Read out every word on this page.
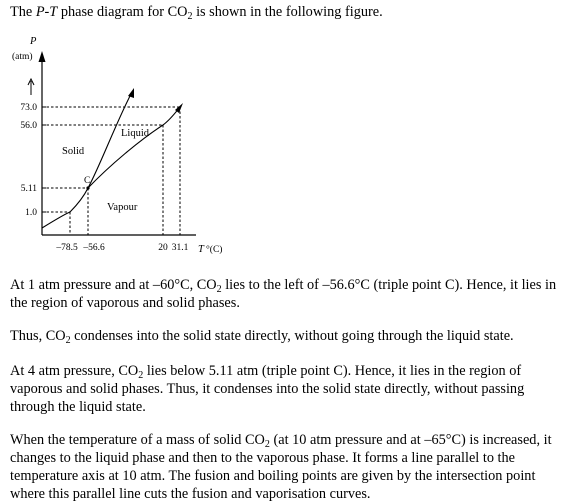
The P-T phase diagram for $CO_2$ is shown in the following figure.

P
(atm)
73.0
56.0
5.11
1.0
C
Solid
Liquid
Vapour
–78.5 –56.6	20 31.1 T °(C)

At 1 atm pressure and at –60°C, $CO_2$ lies to the left of –56.6°C (triple point C). Hence, it lies in the region of vaporous and solid phases.

Thus, $CO_2$ condenses into the solid state directly, without going through the liquid state.

At 4 atm pressure, $CO_2$ lies below 5.11 atm (triple point C). Hence, it lies in the region of vaporous and solid phases. Thus, it condenses into the solid state directly, without passing through the liquid state.

When the temperature of a mass of solid $CO_2$ (at 10 atm pressure and at –65°C) is increased, it changes to the liquid phase and then to the vaporous phase. It forms a line parallel to the temperature axis at 10 atm. The fusion and boiling points are given by the intersection point where this parallel line cuts the fusion and vaporisation curves.
